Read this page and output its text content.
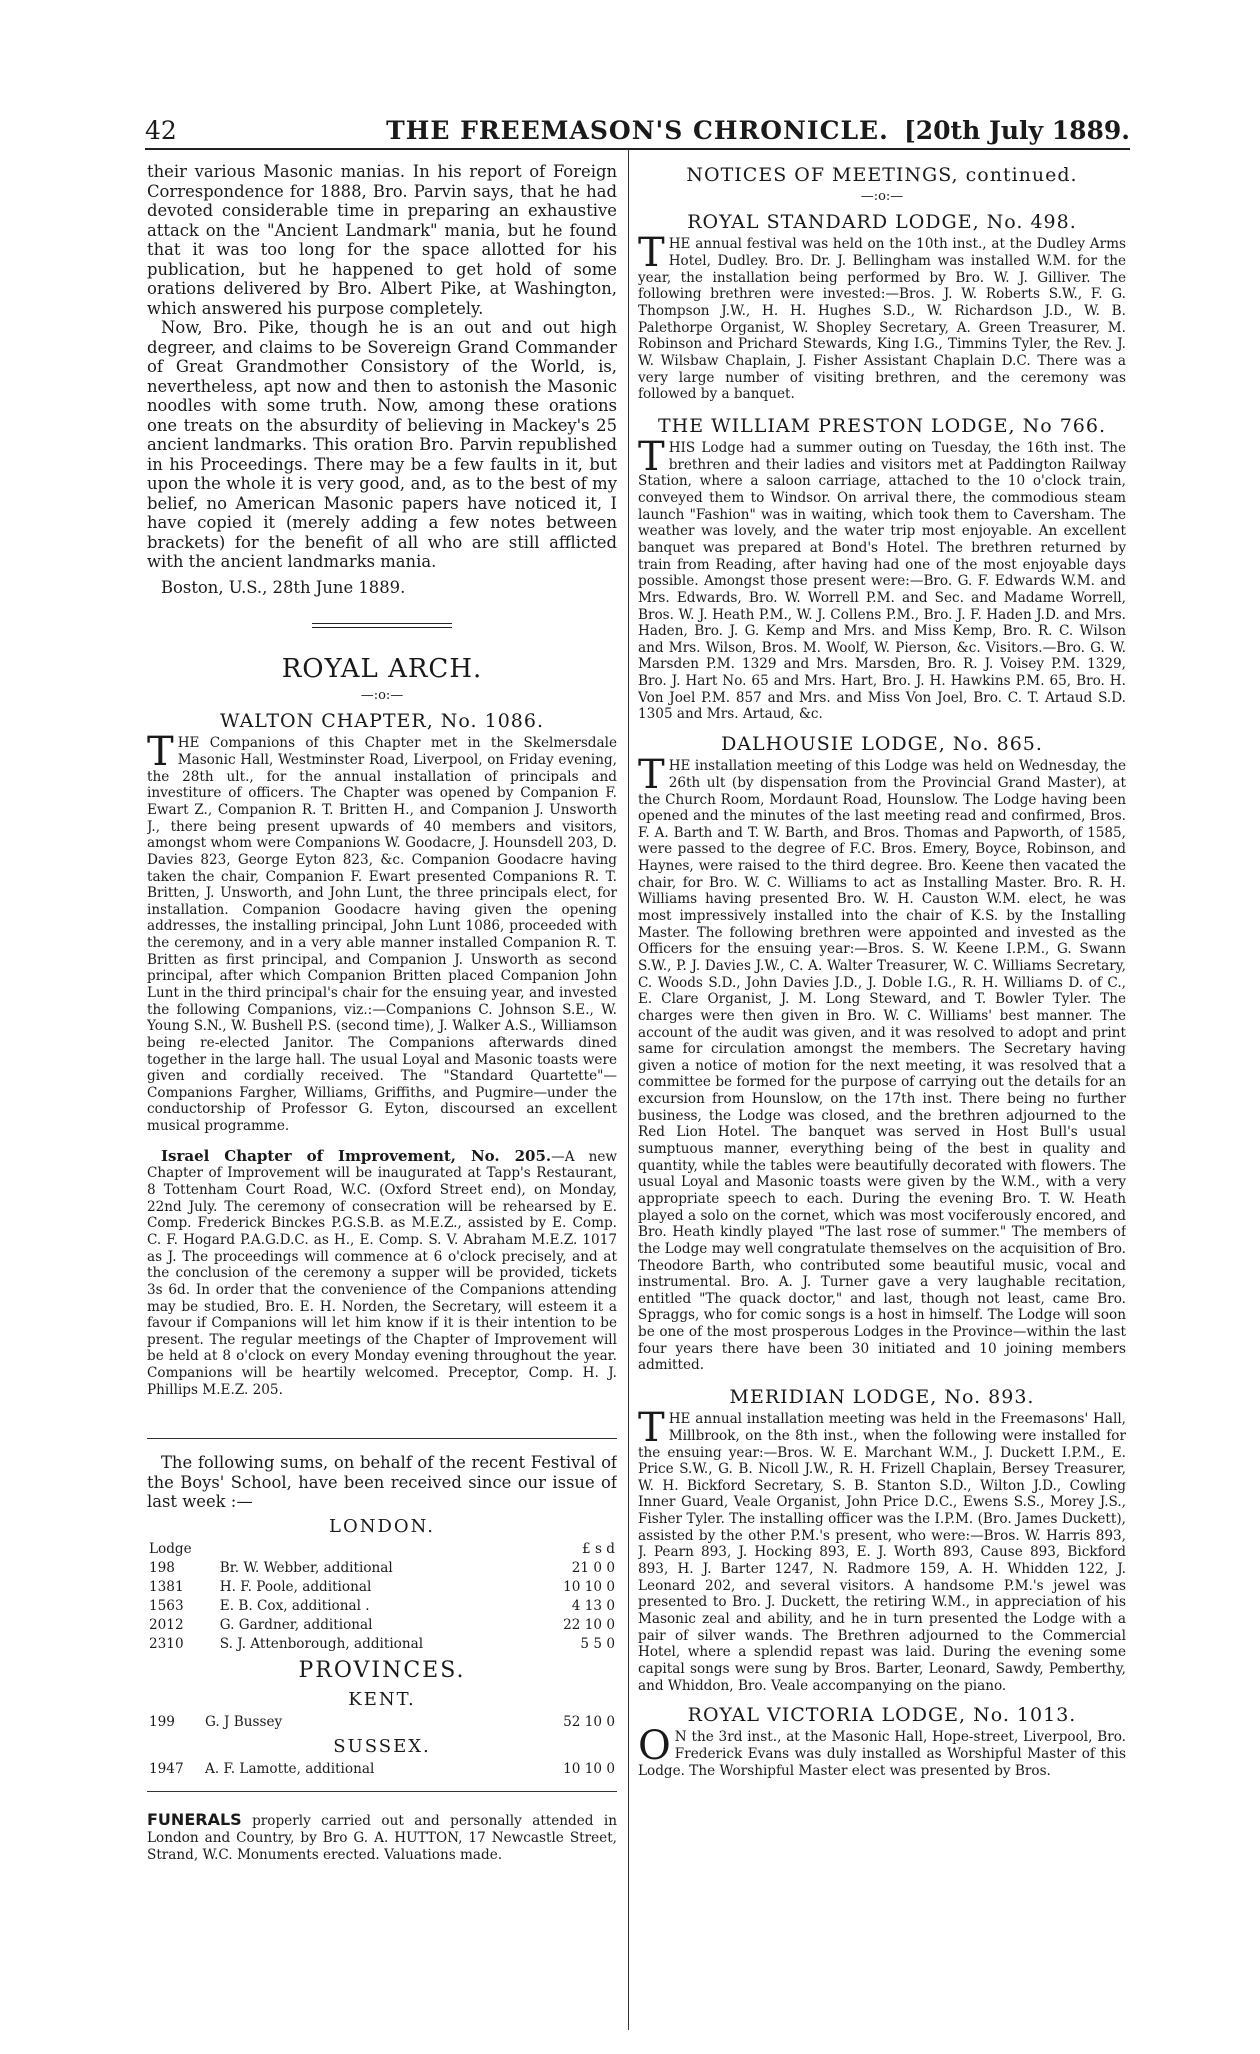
42	THE FREEMASON'S CHRONICLE. [20th July 1889.

their various Masonic manias. In his report of Foreign Correspondence for 1888, Bro. Parvin says, that he had devoted considerable time in preparing an exhaustive attack on the "Ancient Landmark" mania, but he found that it was too long for the space allotted for his publication, but he happened to get hold of some orations delivered by Bro. Albert Pike, at Washington, which answered his purpose completely.

Now, Bro. Pike, though he is an out and out high degreer, and claims to be Sovereign Grand Commander of Great Grandmother Consistory of the World, is, nevertheless, apt now and then to astonish the Masonic noodles with some truth. Now, among these orations one treats on the absurdity of believing in Mackey's 25 ancient landmarks. This oration Bro. Parvin republished in his Proceedings. There may be a few faults in it, but upon the whole it is very good, and, as to the best of my belief, no American Masonic papers have noticed it, I have copied it (merely adding a few notes between brackets) for the benefit of all who are still afflicted with the ancient landmarks mania.

Boston, U.S., 28th June 1889.

ROYAL ARCH.
—:o:—
WALTON CHAPTER, No. 1086.

THE Companions of this Chapter met in the Skelmersdale Masonic Hall, Westminster Road, Liverpool, on Friday evening, the 28th ult., for the annual installation of principals and investiture of officers. The Chapter was opened by Companion F. Ewart Z., Companion R. T. Britten H., and Companion J. Unsworth J., there being present upwards of 40 members and visitors, amongst whom were Companions W. Goodacre, J. Hounsdell 203, D. Davies 823, George Eyton 823, &c. Companion Goodacre having taken the chair, Companion F. Ewart presented Companions R. T. Britten, J. Unsworth, and John Lunt, the three principals elect, for installation. Companion Goodacre having given the opening addresses, the installing principal, John Lunt 1086, proceeded with the ceremony, and in a very able manner installed Companion R. T. Britten as first principal, and Companion J. Unsworth as second principal, after which Companion Britten placed Companion John Lunt in the third principal's chair for the ensuing year, and invested the following Companions, viz.:—Companions C. Johnson S.E., W. Young S.N., W. Bushell P.S. (second time), J. Walker A.S., Williamson being re-elected Janitor. The Companions afterwards dined together in the large hall. The usual Loyal and Masonic toasts were given and cordially received. The "Standard Quartette"—Companions Fargher, Williams, Griffiths, and Pugmire—under the conductorship of Professor G. Eyton, discoursed an excellent musical programme.

Israel Chapter of Improvement, No. 205.—A new Chapter of Improvement will be inaugurated at Tapp's Restaurant, 8 Tottenham Court Road, W.C. (Oxford Street end), on Monday, 22nd July. The ceremony of consecration will be rehearsed by E. Comp. Frederick Binckes P.G.S.B. as M.E.Z., assisted by E. Comp. C. F. Hogard P.A.G.D.C. as H., E. Comp. S. V. Abraham M.E.Z. 1017 as J. The proceedings will commence at 6 o'clock precisely, and at the conclusion of the ceremony a supper will be provided, tickets 3s 6d. In order that the convenience of the Companions attending may be studied, Bro. E. H. Norden, the Secretary, will esteem it a favour if Companions will let him know if it is their intention to be present. The regular meetings of the Chapter of Improvement will be held at 8 o'clock on every Monday evening throughout the year. Companions will be heartily welcomed. Preceptor, Comp. H. J. Phillips M.E.Z. 205.

The following sums, on behalf of the recent Festival of the Boys' School, have been received since our issue of last week :—

LONDON.
Lodge		£ s d
198	Br. W. Webber, additional	21 0 0
1381	H. F. Poole, additional	10 10 0
1563	E. B. Cox, additional .	4 13 0
2012	G. Gardner, additional	22 10 0
2310	S. J. Attenborough, additional	5 5 0
PROVINCES.
KENT.
199	G. J Bussey	52 10 0
SUSSEX.
1947	A. F. Lamotte, additional	10 10 0

FUNERALS properly carried out and personally attended in London and Country, by Bro G. A. HUTTON, 17 Newcastle Street, Strand, W.C. Monuments erected. Valuations made.

NOTICES OF MEETINGS, continued.
—:o:—
ROYAL STANDARD LODGE, No. 498.

THE annual festival was held on the 10th inst., at the Dudley Arms Hotel, Dudley. Bro. Dr. J. Bellingham was installed W.M. for the year, the installation being performed by Bro. W. J. Gilliver. The following brethren were invested:—Bros. J. W. Roberts S.W., F. G. Thompson J.W., H. H. Hughes S.D., W. Richardson J.D., W. B. Palethorpe Organist, W. Shopley Secretary, A. Green Treasurer, M. Robinson and Prichard Stewards, King I.G., Timmins Tyler, the Rev. J. W. Wilsbaw Chaplain, J. Fisher Assistant Chaplain D.C. There was a very large number of visiting brethren, and the ceremony was followed by a banquet.

THE WILLIAM PRESTON LODGE, No 766.

THIS Lodge had a summer outing on Tuesday, the 16th inst. The brethren and their ladies and visitors met at Paddington Railway Station, where a saloon carriage, attached to the 10 o'clock train, conveyed them to Windsor. On arrival there, the commodious steam launch "Fashion" was in waiting, which took them to Caversham. The weather was lovely, and the water trip most enjoyable. An excellent banquet was prepared at Bond's Hotel. The brethren returned by train from Reading, after having had one of the most enjoyable days possible. Amongst those present were:—Bro. G. F. Edwards W.M. and Mrs. Edwards, Bro. W. Worrell P.M. and Sec. and Madame Worrell, Bros. W. J. Heath P.M., W. J. Collens P.M., Bro. J. F. Haden J.D. and Mrs. Haden, Bro. J. G. Kemp and Mrs. and Miss Kemp, Bro. R. C. Wilson and Mrs. Wilson, Bros. M. Woolf, W. Pierson, &c. Visitors.—Bro. G. W. Marsden P.M. 1329 and Mrs. Marsden, Bro. R. J. Voisey P.M. 1329, Bro. J. Hart No. 65 and Mrs. Hart, Bro. J. H. Hawkins P.M. 65, Bro. H. Von Joel P.M. 857 and Mrs. and Miss Von Joel, Bro. C. T. Artaud S.D. 1305 and Mrs. Artaud, &c.

DALHOUSIE LODGE, No. 865.

THE installation meeting of this Lodge was held on Wednesday, the 26th ult (by dispensation from the Provincial Grand Master), at the Church Room, Mordaunt Road, Hounslow. The Lodge having been opened and the minutes of the last meeting read and confirmed, Bros. F. A. Barth and T. W. Barth, and Bros. Thomas and Papworth, of 1585, were passed to the degree of F.C. Bros. Emery, Boyce, Robinson, and Haynes, were raised to the third degree. Bro. Keene then vacated the chair, for Bro. W. C. Williams to act as Installing Master. Bro. R. H. Williams having presented Bro. W. H. Causton W.M. elect, he was most impressively installed into the chair of K.S. by the Installing Master. The following brethren were appointed and invested as the Officers for the ensuing year:—Bros. S. W. Keene I.P.M., G. Swann S.W., P. J. Davies J.W., C. A. Walter Treasurer, W. C. Williams Secretary, C. Woods S.D., John Davies J.D., J. Doble I.G., R. H. Williams D. of C., E. Clare Organist, J. M. Long Steward, and T. Bowler Tyler. The charges were then given in Bro. W. C. Williams' best manner. The account of the audit was given, and it was resolved to adopt and print same for circulation amongst the members. The Secretary having given a notice of motion for the next meeting, it was resolved that a committee be formed for the purpose of carrying out the details for an excursion from Hounslow, on the 17th inst. There being no further business, the Lodge was closed, and the brethren adjourned to the Red Lion Hotel. The banquet was served in Host Bull's usual sumptuous manner, everything being of the best in quality and quantity, while the tables were beautifully decorated with flowers. The usual Loyal and Masonic toasts were given by the W.M., with a very appropriate speech to each. During the evening Bro. T. W. Heath played a solo on the cornet, which was most vociferously encored, and Bro. Heath kindly played "The last rose of summer." The members of the Lodge may well congratulate themselves on the acquisition of Bro. Theodore Barth, who contributed some beautiful music, vocal and instrumental. Bro. A. J. Turner gave a very laughable recitation, entitled "The quack doctor," and last, though not least, came Bro. Spraggs, who for comic songs is a host in himself. The Lodge will soon be one of the most prosperous Lodges in the Province—within the last four years there have been 30 initiated and 10 joining members admitted.

MERIDIAN LODGE, No. 893.

THE annual installation meeting was held in the Freemasons' Hall, Millbrook, on the 8th inst., when the following were installed for the ensuing year:—Bros. W. E. Marchant W.M., J. Duckett I.P.M., E. Price S.W., G. B. Nicoll J.W., R. H. Frizell Chaplain, Bersey Treasurer, W. H. Bickford Secretary, S. B. Stanton S.D., Wilton J.D., Cowling Inner Guard, Veale Organist, John Price D.C., Ewens S.S., Morey J.S., Fisher Tyler. The installing officer was the I.P.M. (Bro. James Duckett), assisted by the other P.M.'s present, who were:—Bros. W. Harris 893, J. Pearn 893, J. Hocking 893, E. J. Worth 893, Cause 893, Bickford 893, H. J. Barter 1247, N. Radmore 159, A. H. Whidden 122, J. Leonard 202, and several visitors. A handsome P.M.'s jewel was presented to Bro. J. Duckett, the retiring W.M., in appreciation of his Masonic zeal and ability, and he in turn presented the Lodge with a pair of silver wands. The Brethren adjourned to the Commercial Hotel, where a splendid repast was laid. During the evening some capital songs were sung by Bros. Barter, Leonard, Sawdy, Pemberthy, and Whiddon, Bro. Veale accompanying on the piano.

ROYAL VICTORIA LODGE, No. 1013.

O N the 3rd inst., at the Masonic Hall, Hope-street, Liverpool, Bro. Frederick Evans was duly installed as Worshipful Master of this Lodge. The Worshipful Master elect was presented by Bros.
